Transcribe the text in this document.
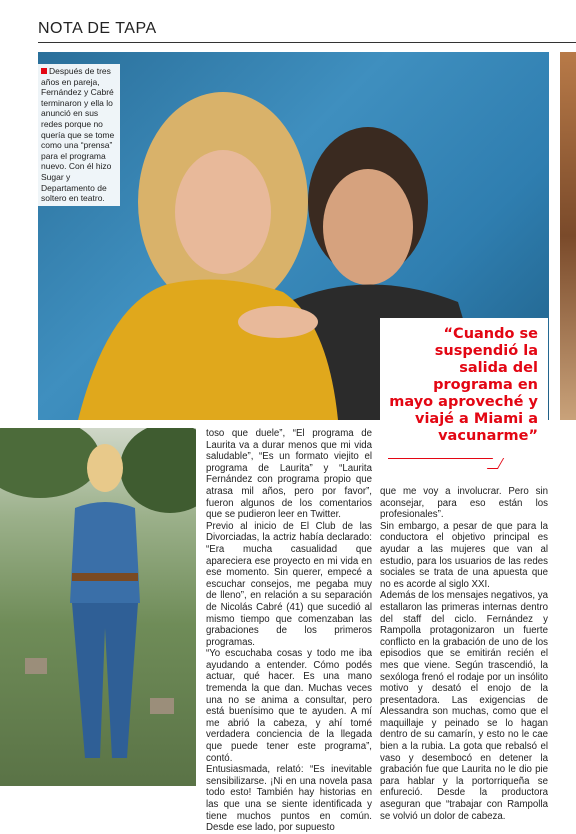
NOTA DE TAPA
Después de tres años en pareja, Fernández y Cabré terminaron y ella lo anunció en sus redes porque no quería que se tome como una “prensa” para el programa nuevo. Con él hizo Sugar y Departamento de soltero en teatro.
“Cuando se suspendió la salida del programa en mayo aproveché y viajé a Miami a vacunarme”

toso que duele”, “El programa de Laurita va a durar menos que mi vida saludable”, “Es un formato viejito el programa de Laurita” y “Laurita Fernández con programa propio que atrasa mil años, pero por favor”, fueron algunos de los comentarios que se pudieron leer en Twitter.

Previo al inicio de El Club de las Divorciadas, la actriz había declarado: “Era mucha casualidad que apareciera ese proyecto en mi vida en ese momento. Sin querer, empecé a escuchar consejos, me pegaba muy de lleno”, en relación a su separación de Nicolás Cabré (41) que sucedió al mismo tiempo que comenzaban las grabaciones de los primeros programas.

“Yo escuchaba cosas y todo me iba ayudando a entender. Cómo podés actuar, qué hacer. Es una mano tremenda la que dan. Muchas veces una no se anima a consultar, pero está buenísimo que te ayuden. A mí me abrió la cabeza, y ahí tomé verdadera conciencia de la llegada que puede tener este programa”, contó.

Entusiasmada, relató: “Es inevitable sensibilizarse. ¡Ni en una novela pasa todo esto! También hay historias en las que una se siente identificada y tiene muchos puntos en común. Desde ese lado, por supuesto

que me voy a involucrar. Pero sin aconsejar, para eso están los profesionales”.

Sin embargo, a pesar de que para la conductora el objetivo principal es ayudar a las mujeres que van al estudio, para los usuarios de las redes sociales se trata de una apuesta que no es acorde al siglo XXI.

Además de los mensajes negativos, ya estallaron las primeras internas dentro del staff del ciclo. Fernández y Rampolla protagonizaron un fuerte conflicto en la grabación de uno de los episodios que se emitirán recién el mes que viene. Según trascendió, la sexóloga frenó el rodaje por un insólito motivo y desató el enojo de la presentadora. Las exigencias de Alessandra son muchas, como que el maquillaje y peinado se lo hagan dentro de su camarín, y esto no le cae bien a la rubia. La gota que rebalsó el vaso y desembocó en detener la grabación fue que Laurita no le dio pie para hablar y la portorriqueña se enfureció. Desde la productora aseguran que “trabajar con Rampolla se volvió un dolor de cabeza.
